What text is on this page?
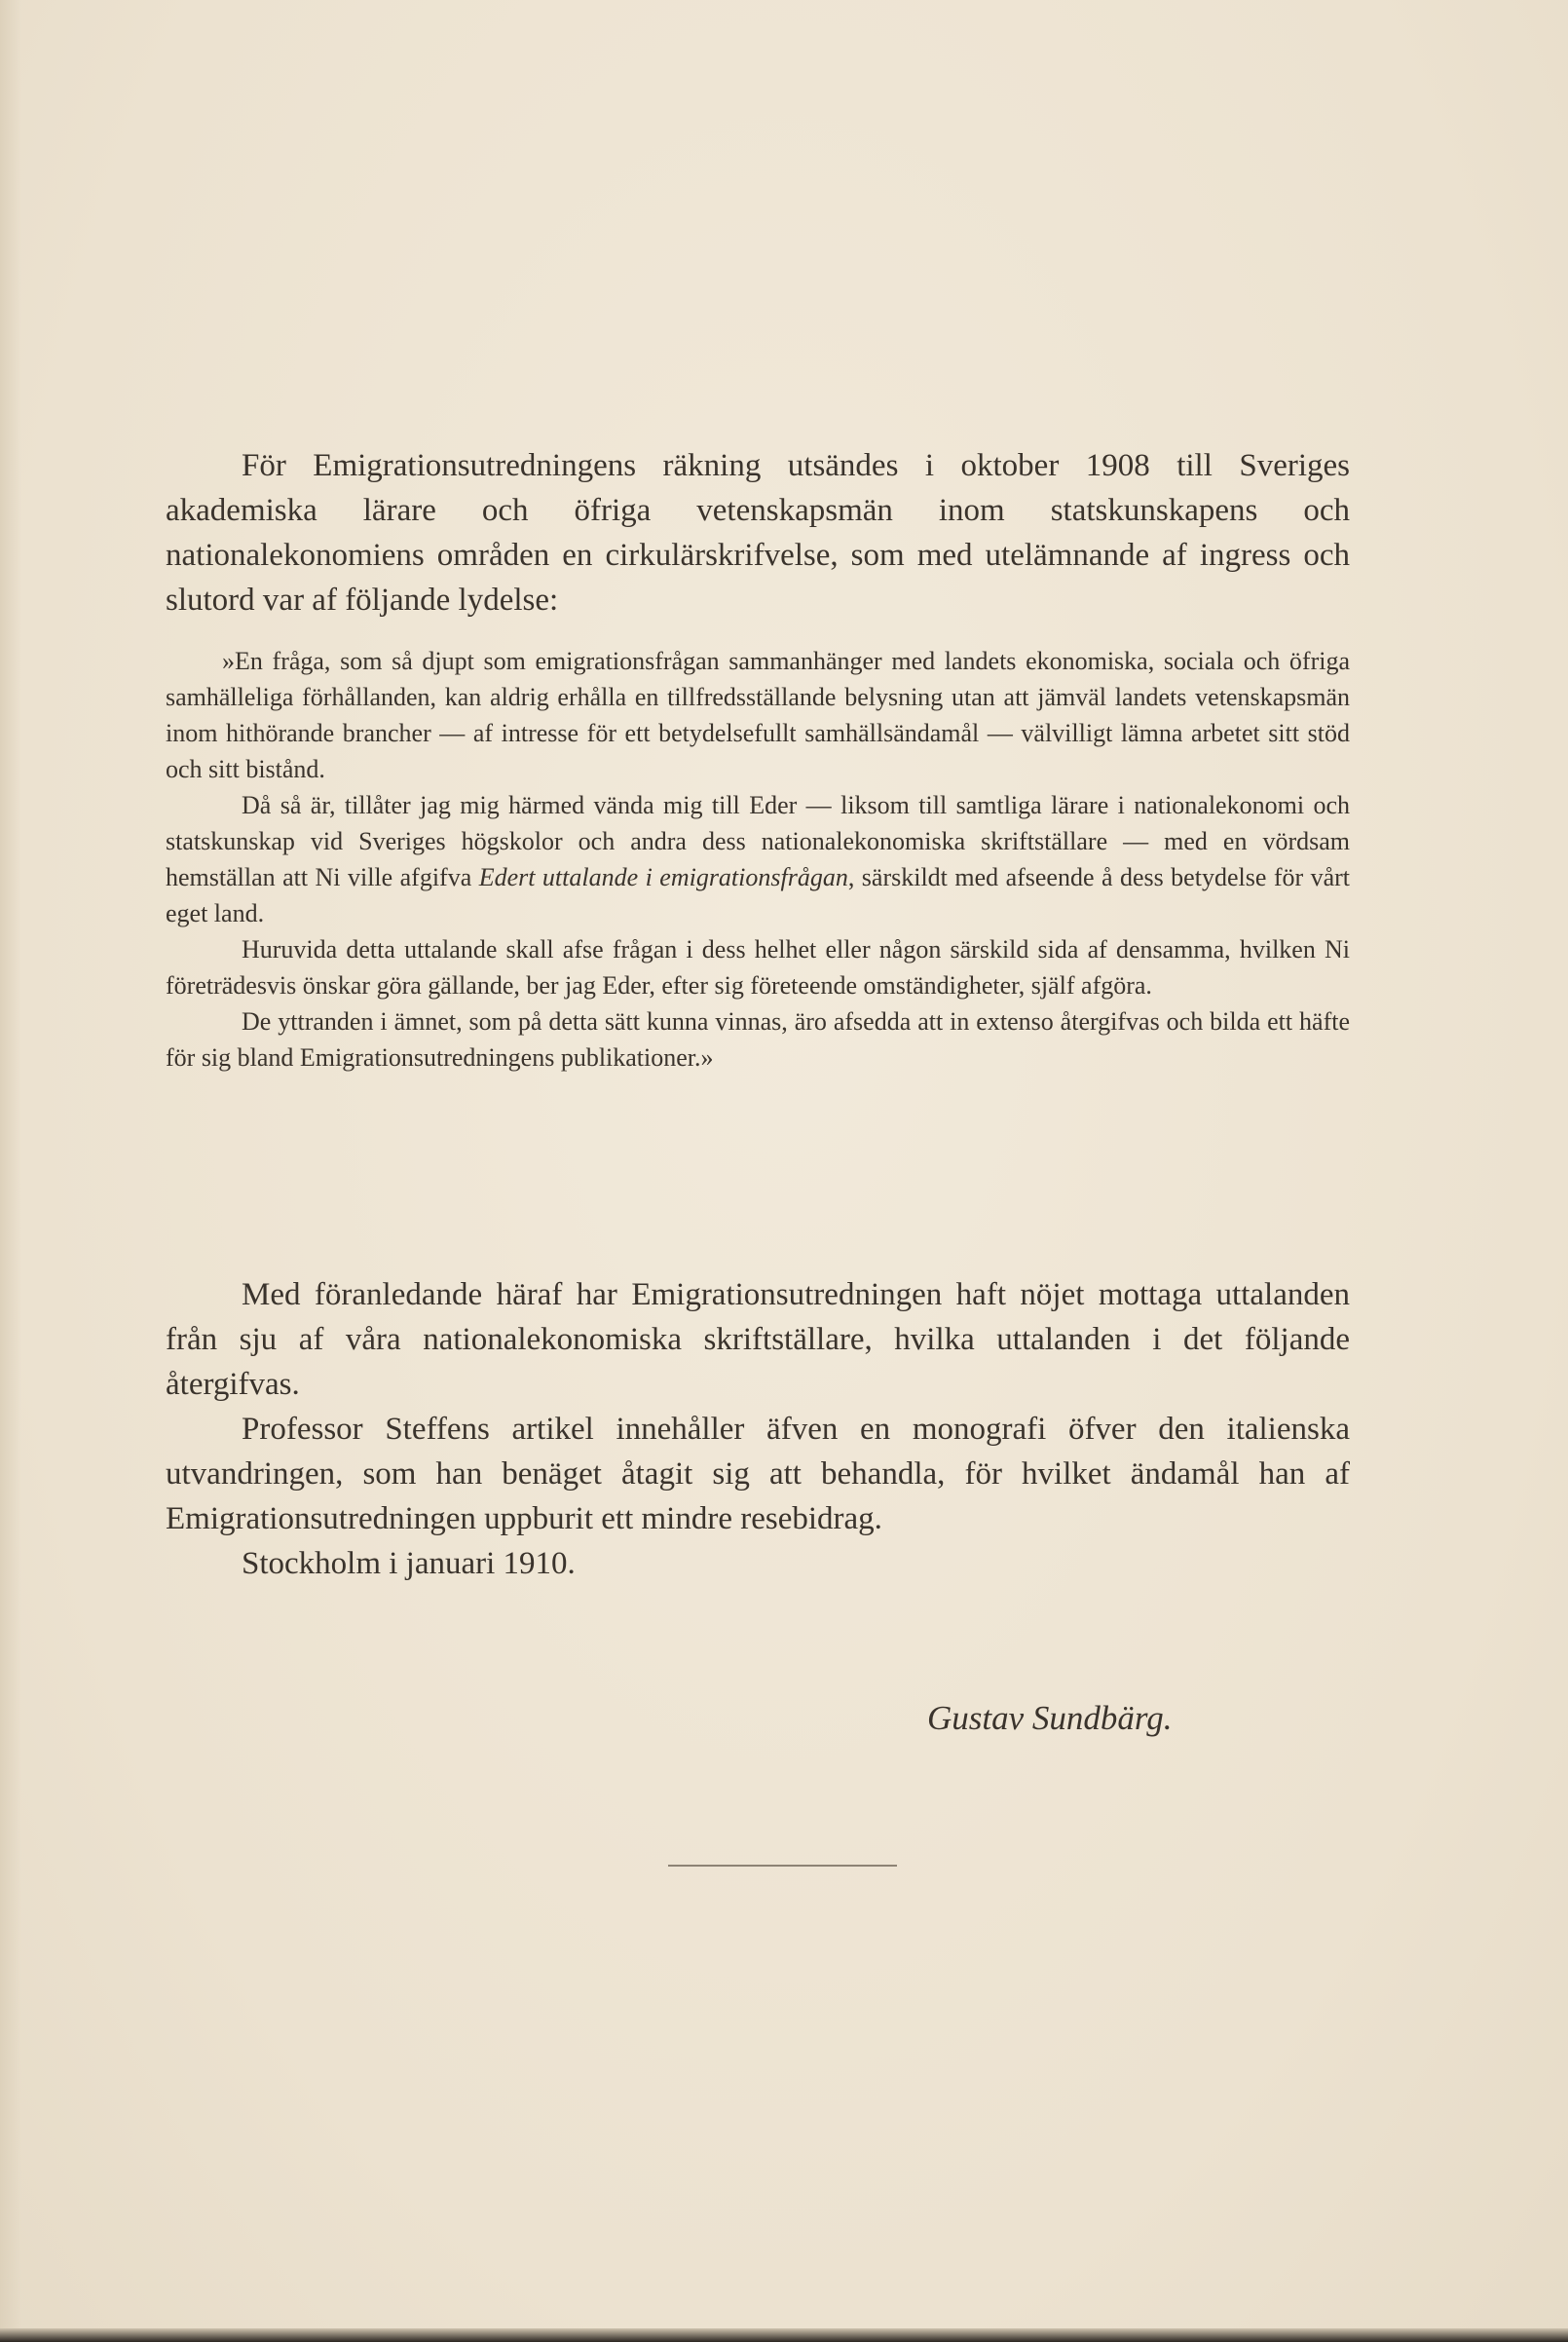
För Emigrationsutredningens räkning utsändes i oktober 1908 till Sveriges akademiska lärare och öfriga vetenskapsmän inom statskunskapens och nationalekonomiens områden en cirkulärskrifvelse, som med utelämnande af ingress och slutord var af följande lydelse:

»En fråga, som så djupt som emigrationsfrågan sammanhänger med landets ekonomiska, sociala och öfriga samhälleliga förhållanden, kan aldrig erhålla en tillfredsställande belysning utan att jämväl landets vetenskapsmän inom hithörande brancher — af intresse för ett betydelsefullt samhällsändamål — välvilligt lämna arbetet sitt stöd och sitt bistånd.

Då så är, tillåter jag mig härmed vända mig till Eder — liksom till samtliga lärare i nationalekonomi och statskunskap vid Sveriges högskolor och andra dess nationalekonomiska skriftställare — med en vördsam hemställan att Ni ville afgifva Edert uttalande i emigrationsfrågan, särskildt med afseende å dess betydelse för vårt eget land.

Huruvida detta uttalande skall afse frågan i dess helhet eller någon särskild sida af densamma, hvilken Ni företrädesvis önskar göra gällande, ber jag Eder, efter sig företeende omständigheter, själf afgöra.

De yttranden i ämnet, som på detta sätt kunna vinnas, äro afsedda att in extenso återgifvas och bilda ett häfte för sig bland Emigrationsutredningens publikationer.»

Med föranledande häraf har Emigrationsutredningen haft nöjet mottaga uttalanden från sju af våra nationalekonomiska skriftställare, hvilka uttalanden i det följande återgifvas.

Professor Steffens artikel innehåller äfven en monografi öfver den italienska utvandringen, som han benäget åtagit sig att behandla, för hvilket ändamål han af Emigrationsutredningen uppburit ett mindre resebidrag.

Stockholm i januari 1910.

Gustav Sundbärg.
